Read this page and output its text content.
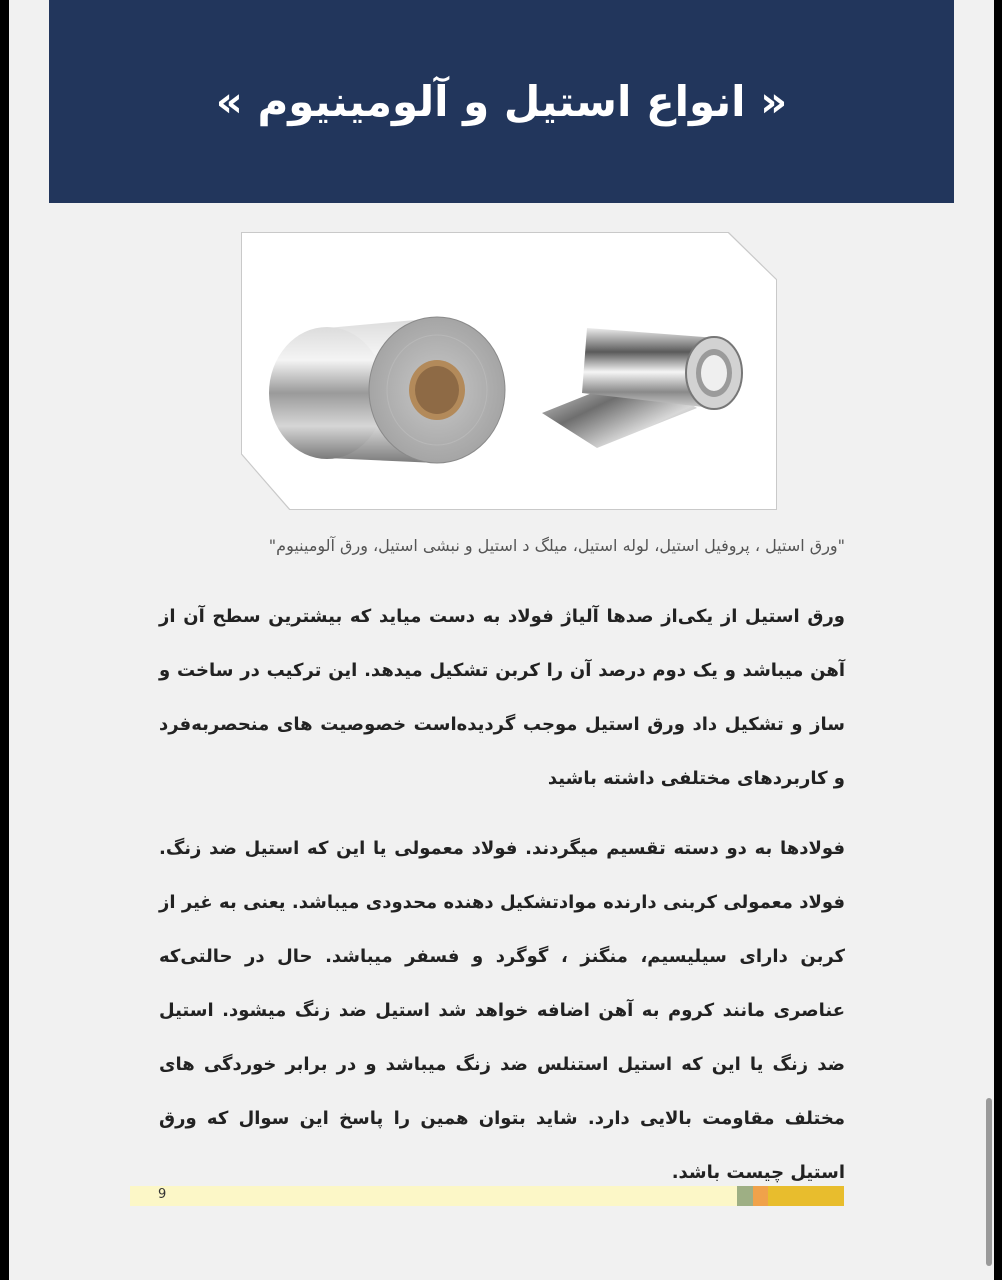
« انواع استیل و آلومینیوم »
"ورق استیل ، پروفیل استیل، لوله استیل، میلگ د استیل و نبشی استیل، ورق آلومینیوم"

ورق استیل از یکی‌از صدها آلیاژ فولاد به دست میاید که بیشترین سطح آن از آهن میباشد و یک دوم درصد آن را کربن تشکیل میدهد. این ترکیب در ساخت و ساز و تشکیل داد ورق استیل موجب گردیده‌است خصوصیت های منحصربه‌فرد و کاربردهای مختلفی داشته باشید

فولادها به دو دسته تقسیم میگردند. فولاد معمولی یا این که استیل ضد زنگ. فولاد معمولی کربنی دارنده موادتشکیل دهنده محدودی میباشد. یعنی به غیر از کربن دارای سیلیسیم، منگنز ، گوگرد و فسفر میباشد. حال در حالتی‌که عناصری مانند کروم به آهن اضافه خواهد شد استیل ضد زنگ میشود. استیل ضد زنگ یا این که استیل استنلس ضد زنگ میباشد و در برابر خوردگی های مختلف مقاومت بالایی دارد. شاید بتوان همین را پاسخ این سوال که ورق استیل چیست باشد.

9
